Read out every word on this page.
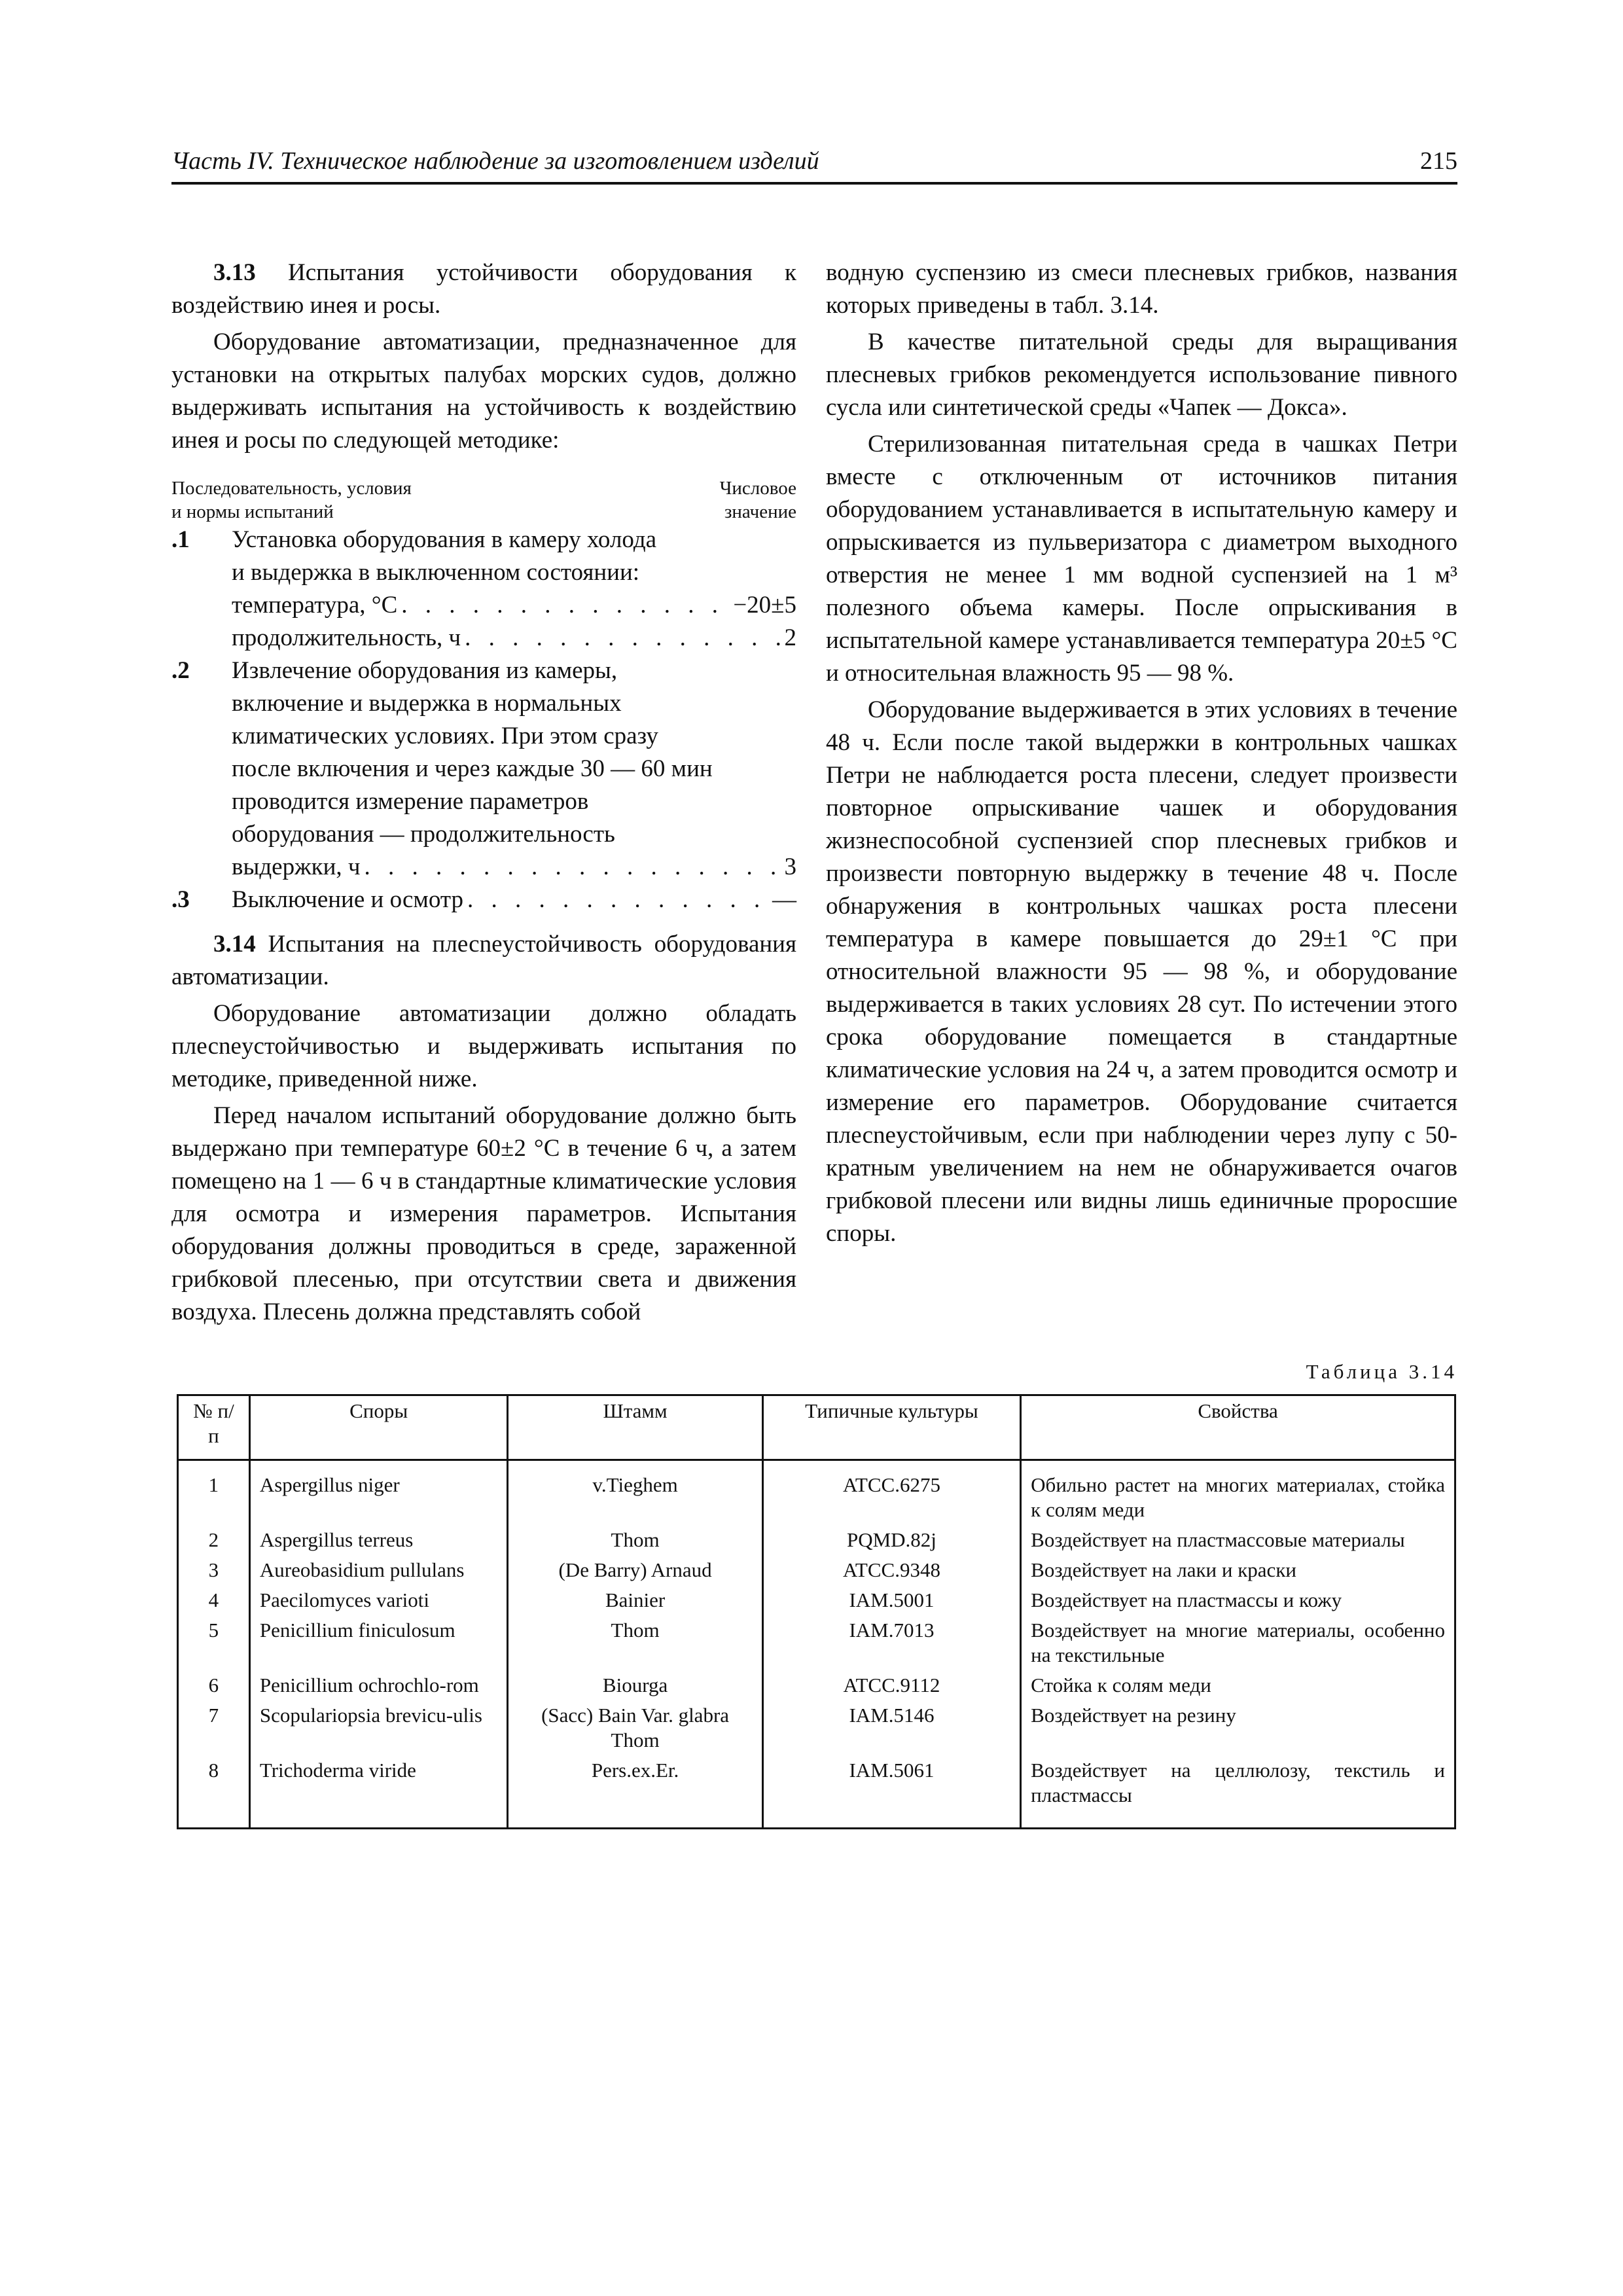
Часть IV. Техническое наблюдение за изготовлением изделий	215

3.13 Испытания устойчивости оборудования к воздействию инея и росы.

Оборудование автоматизации, предназначенное для установки на открытых палубах морских судов, должно выдерживать испытания на устойчивость к воздействию инея и росы по следующей методике:

Последовательность, условия
и нормы испытаний
Числовое
значение
.1 Установка оборудования в камеру холода
и выдержка в выключенном состоянии:
температура, °С . . .	−20±5
продолжительность, ч . . .	2
.2 Извлечение оборудования из камеры,
включение и выдержка в нормальных
климатических условиях. При этом сразу
после включения и через каждые 30 — 60 мин
проводится измерение параметров
оборудования — продолжительность
выдержки, ч . . .	3
.3 Выключение и осмотр . . .	—

3.14 Испытания на плесneустойчивость оборудования автоматизации.

Оборудование автоматизации должно обладать плесneустойчивостью и выдерживать испытания по методике, приведенной ниже.

Перед началом испытаний оборудование должно быть выдержано при температуре 60±2 °С в течение 6 ч, а затем помещено на 1 — 6 ч в стандартные климатические условия для осмотра и измерения параметров. Испытания оборудования должны проводиться в среде, зараженной грибковой плесенью, при отсутствии света и движения воздуха. Плесень должна представлять собой

водную суспензию из смеси плесневых грибков, названия которых приведены в табл. 3.14.

В качестве питательной среды для выращивания плесневых грибков рекомендуется использование пивного сусла или синтетической среды «Чапек — Докса».

Стерилизованная питательная среда в чашках Петри вместе с отключенным от источников питания оборудованием устанавливается в испытательную камеру и опрыскивается из пульверизатора с диаметром выходного отверстия не менее 1 мм водной суспензией на 1 м³ полезного объема камеры. После опрыскивания в испытательной камере устанавливается температура 20±5 °С и относительная влажность 95 — 98 %.

Оборудование выдерживается в этих условиях в течение 48 ч. Если после такой выдержки в контрольных чашках Петри не наблюдается роста плесени, следует произвести повторное опрыскивание чашек и оборудования жизнеспособной суспензией спор плесневых грибков и произвести повторную выдержку в течение 48 ч. После обнаружения в контрольных чашках роста плесени температура в камере повышается до 29±1 °С при относительной влажности 95 — 98 %, и оборудование выдерживается в таких условиях 28 сут. По истечении этого срока оборудование помещается в стандартные климатические условия на 24 ч, а затем проводится осмотр и измерение его параметров. Оборудование считается плесneустойчивым, если при наблюдении через лупу с 50-кратным увеличением на нем не обнаруживается очагов грибковой плесени или видны лишь единичные проросшие споры.

Таблица 3.14
№ п/п	Споры	Штамм	Типичные культуры	Свойства
1	Aspergillus niger	v.Tieghem	ATCC.6275	Обильно растет на многих материалах, стойка к солям меди
2	Aspergillus terreus	Thom	PQMD.82j	Воздействует на пластмассовые материалы
3	Aureobasidium pullulans	(De Barry) Arnaud	ATCC.9348	Воздействует на лаки и краски
4	Paecilomyces varioti	Bainier	IAM.5001	Воздействует на пластмассы и кожу
5	Penicillium finiculosum	Thom	IAM.7013	Воздействует на многие материалы, особенно на текстильные
6	Penicillium ochrochlo-rom	Biourga	ATCC.9112	Стойка к солям меди
7	Scopulariopsia brevicu-ulis	(Sacc) Bain Var. glabra Thom	IAM.5146	Воздействует на резину
8	Trichoderma viride	Pers.ex.Er.	IAM.5061	Воздействует на целлюлозу, текстиль и пластмассы
